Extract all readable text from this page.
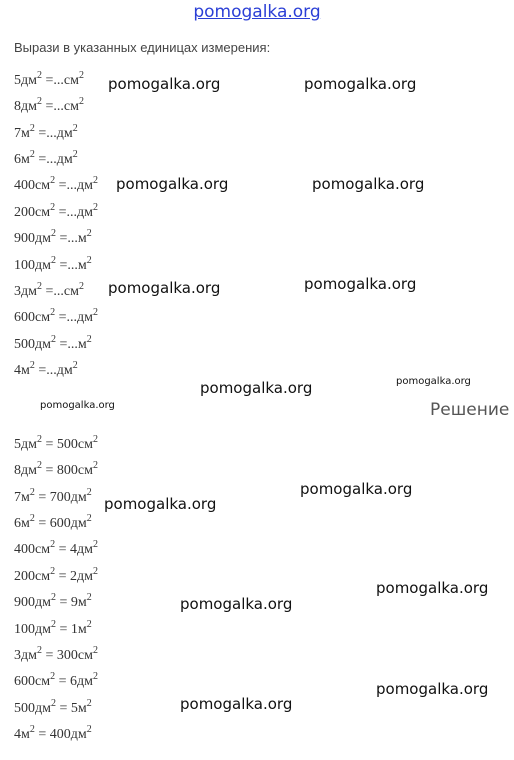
pomogalka.org
Вырази в указанных единицах измерения:
$5дм^2 =...см^2$
$8дм^2 =...см^2$
$7м^2 =...дм^2$
$6м^2 =...дм^2$
$400см^2 =...дм^2$
$200см^2 =...дм^2$
$900дм^2 =...м^2$
$100дм^2 =...м^2$
$3дм^2 =...см^2$
$600см^2 =...дм^2$
$500дм^2 =...м^2$
$4м^2 =...дм^2$
Решение
$5дм^2 = 500см^2$
$8дм^2 = 800см^2$
$7м^2 = 700дм^2$
$6м^2 = 600дм^2$
$400см^2 = 4дм^2$
$200см^2 = 2дм^2$
$900дм^2 = 9м^2$
$100дм^2 = 1м^2$
$3дм^2 = 300см^2$
$600см^2 = 6дм^2$
$500дм^2 = 5м^2$
$4м^2 = 400дм^2$
pomogalka.org	pomogalka.org
pomogalka.org	pomogalka.org
pomogalka.org	pomogalka.org
pomogalka.org	pomogalka.org
pomogalka.org
pomogalka.org
pomogalka.org
pomogalka.org
pomogalka.org
pomogalka.org
pomogalka.org
